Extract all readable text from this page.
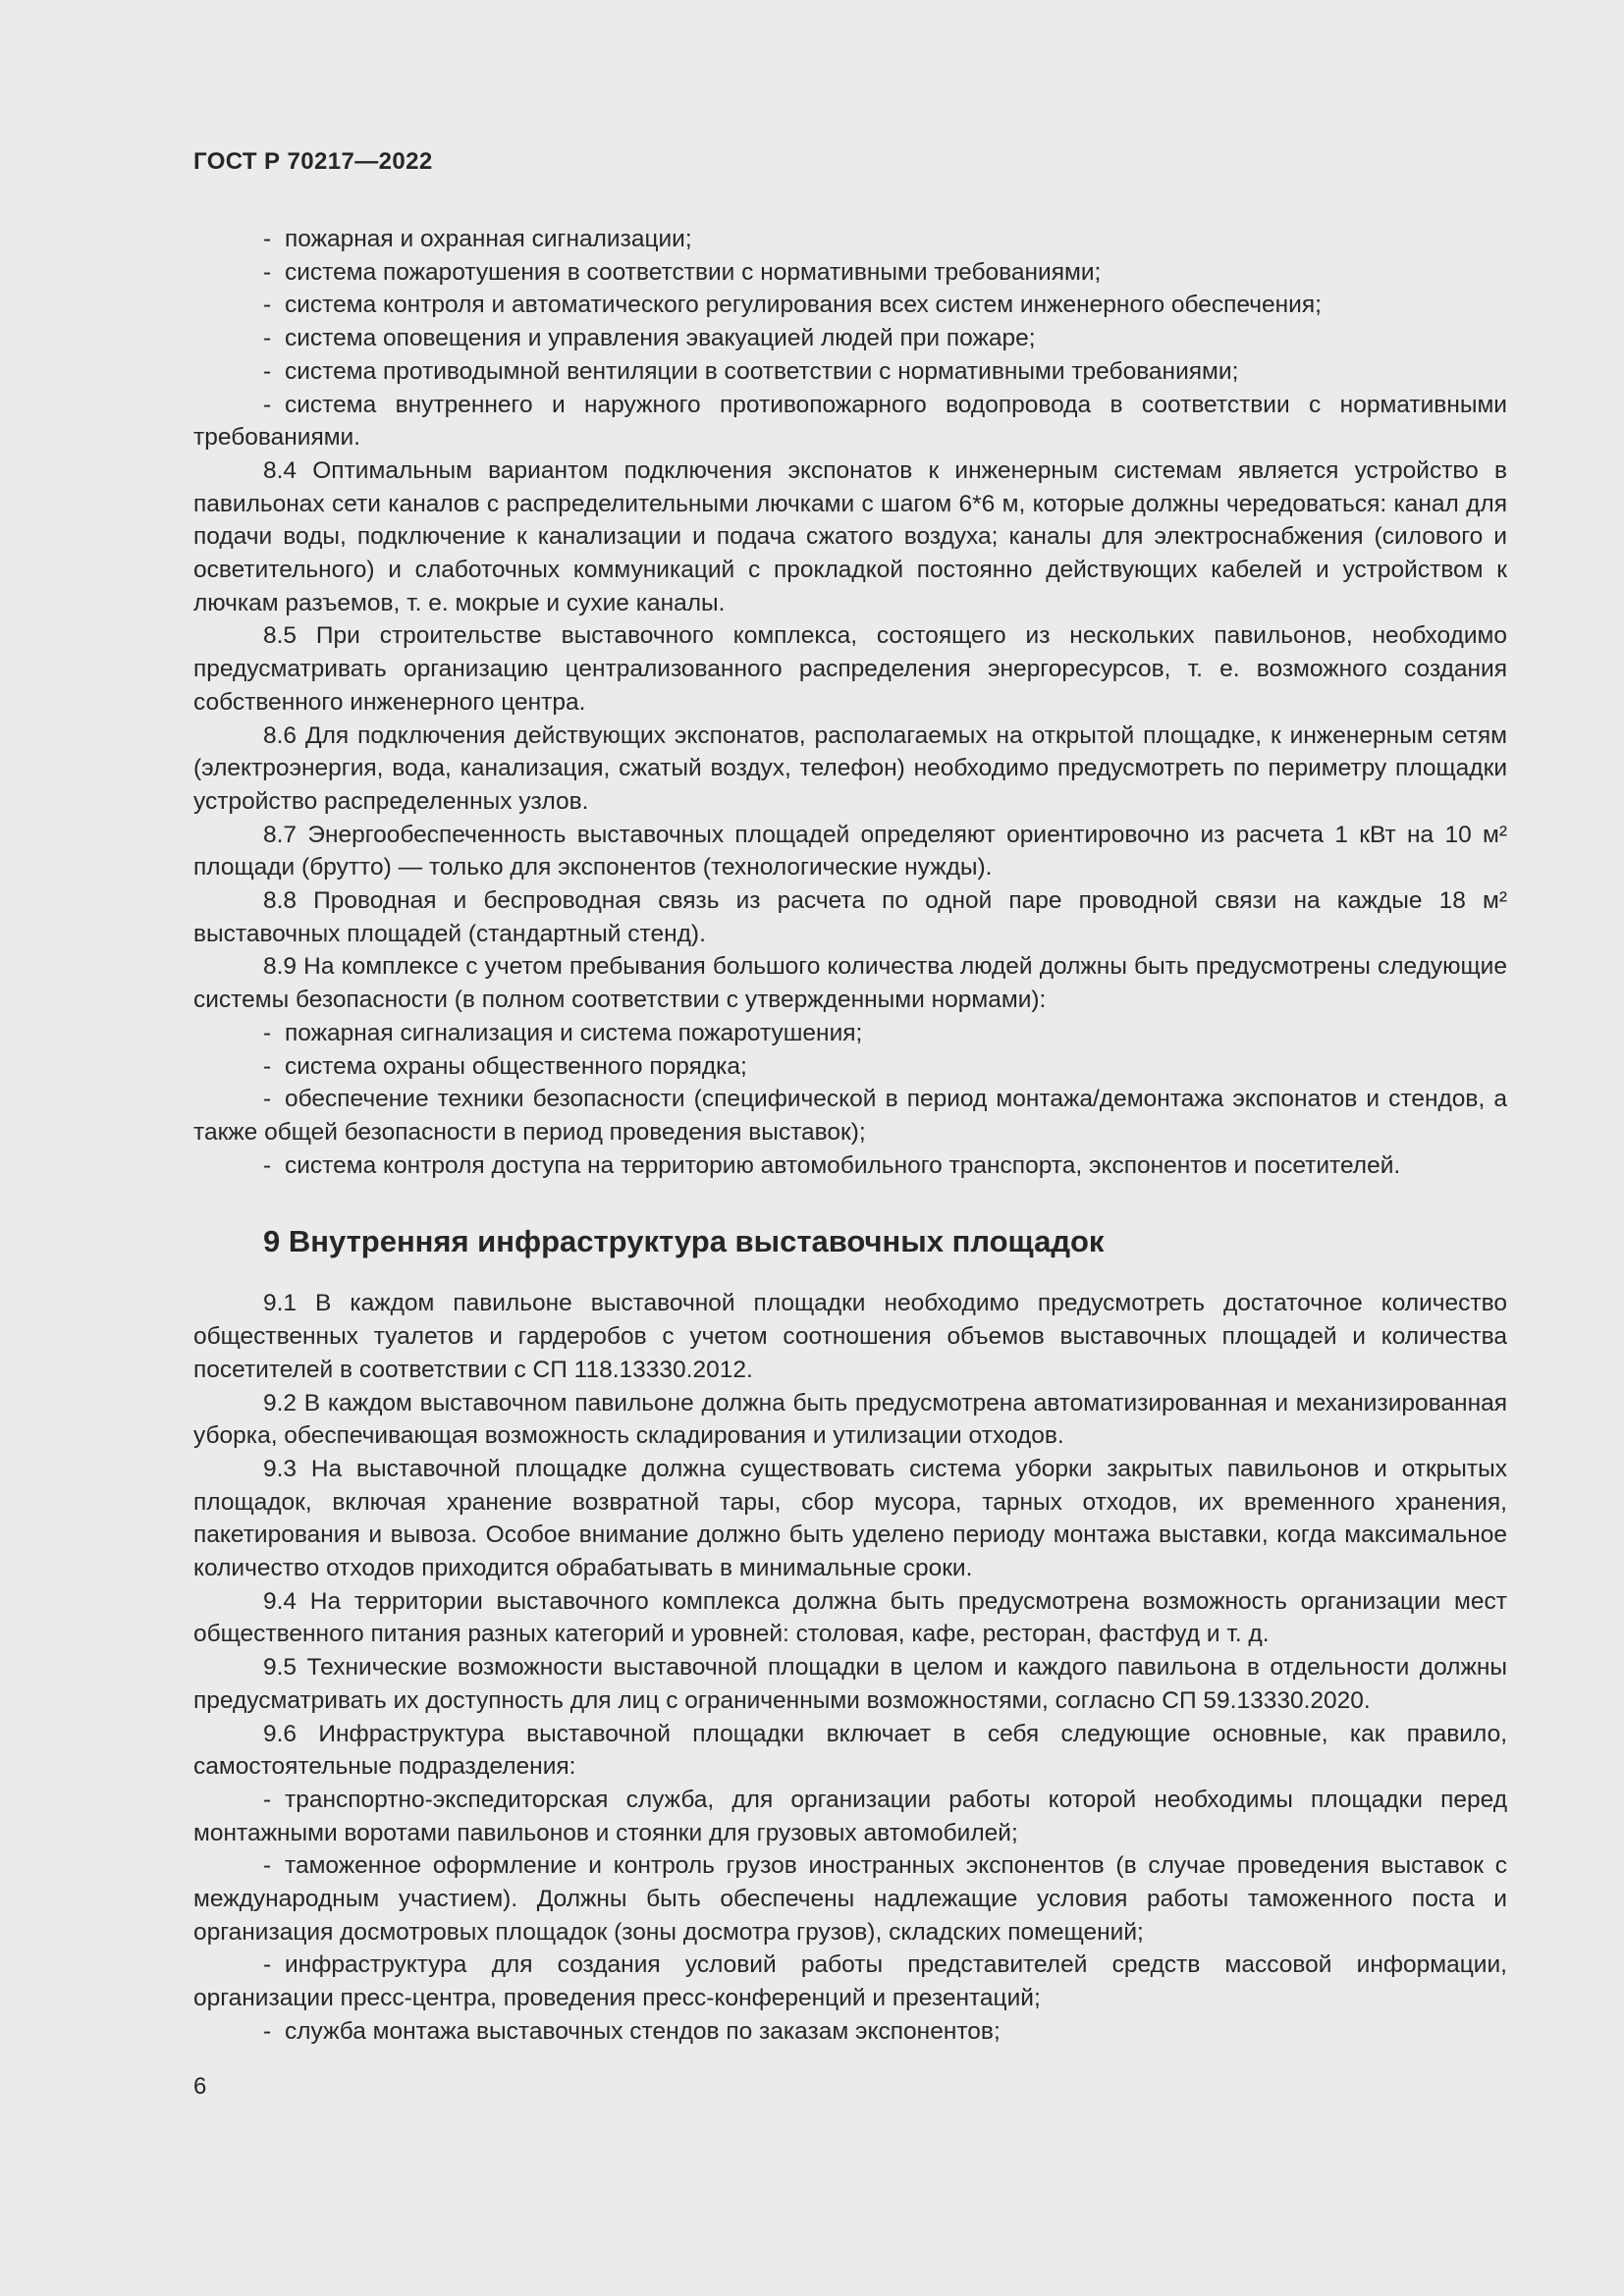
ГОСТ Р 70217—2022

- пожарная и охранная сигнализации;

- система пожаротушения в соответствии с нормативными требованиями;

- система контроля и автоматического регулирования всех систем инженерного обеспечения;

- система оповещения и управления эвакуацией людей при пожаре;

- система противодымной вентиляции в соответствии с нормативными требованиями;

- система внутреннего и наружного противопожарного водопровода в соответствии с нормативными требованиями.

8.4 Оптимальным вариантом подключения экспонатов к инженерным системам является устройство в павильонах сети каналов с распределительными лючками с шагом 6*6 м, которые должны чередоваться: канал для подачи воды, подключение к канализации и подача сжатого воздуха; каналы для электроснабжения (силового и осветительного) и слаботочных коммуникаций с прокладкой постоянно действующих кабелей и устройством к лючкам разъемов, т. е. мокрые и сухие каналы.

8.5 При строительстве выставочного комплекса, состоящего из нескольких павильонов, необходимо предусматривать организацию централизованного распределения энергоресурсов, т. е. возможного создания собственного инженерного центра.

8.6 Для подключения действующих экспонатов, располагаемых на открытой площадке, к инженерным сетям (электроэнергия, вода, канализация, сжатый воздух, телефон) необходимо предусмотреть по периметру площадки устройство распределенных узлов.

8.7 Энергообеспеченность выставочных площадей определяют ориентировочно из расчета 1 кВт на 10 м² площади (брутто) — только для экспонентов (технологические нужды).

8.8 Проводная и беспроводная связь из расчета по одной паре проводной связи на каждые 18 м² выставочных площадей (стандартный стенд).

8.9 На комплексе с учетом пребывания большого количества людей должны быть предусмотрены следующие системы безопасности (в полном соответствии с утвержденными нормами):

- пожарная сигнализация и система пожаротушения;

- система охраны общественного порядка;

- обеспечение техники безопасности (специфической в период монтажа/демонтажа экспонатов и стендов, а также общей безопасности в период проведения выставок);

- система контроля доступа на территорию автомобильного транспорта, экспонентов и посетителей.

9 Внутренняя инфраструктура выставочных площадок

9.1 В каждом павильоне выставочной площадки необходимо предусмотреть достаточное количество общественных туалетов и гардеробов с учетом соотношения объемов выставочных площадей и количества посетителей в соответствии с СП 118.13330.2012.

9.2 В каждом выставочном павильоне должна быть предусмотрена автоматизированная и механизированная уборка, обеспечивающая возможность складирования и утилизации отходов.

9.3 На выставочной площадке должна существовать система уборки закрытых павильонов и открытых площадок, включая хранение возвратной тары, сбор мусора, тарных отходов, их временного хранения, пакетирования и вывоза. Особое внимание должно быть уделено периоду монтажа выставки, когда максимальное количество отходов приходится обрабатывать в минимальные сроки.

9.4 На территории выставочного комплекса должна быть предусмотрена возможность организации мест общественного питания разных категорий и уровней: столовая, кафе, ресторан, фастфуд и т. д.

9.5 Технические возможности выставочной площадки в целом и каждого павильона в отдельности должны предусматривать их доступность для лиц с ограниченными возможностями, согласно СП 59.13330.2020.

9.6 Инфраструктура выставочной площадки включает в себя следующие основные, как правило, самостоятельные подразделения:

- транспортно-экспедиторская служба, для организации работы которой необходимы площадки перед монтажными воротами павильонов и стоянки для грузовых автомобилей;

- таможенное оформление и контроль грузов иностранных экспонентов (в случае проведения выставок с международным участием). Должны быть обеспечены надлежащие условия работы таможенного поста и организация досмотровых площадок (зоны досмотра грузов), складских помещений;

- инфраструктура для создания условий работы представителей средств массовой информации, организации пресс-центра, проведения пресс-конференций и презентаций;

- служба монтажа выставочных стендов по заказам экспонентов;

6
